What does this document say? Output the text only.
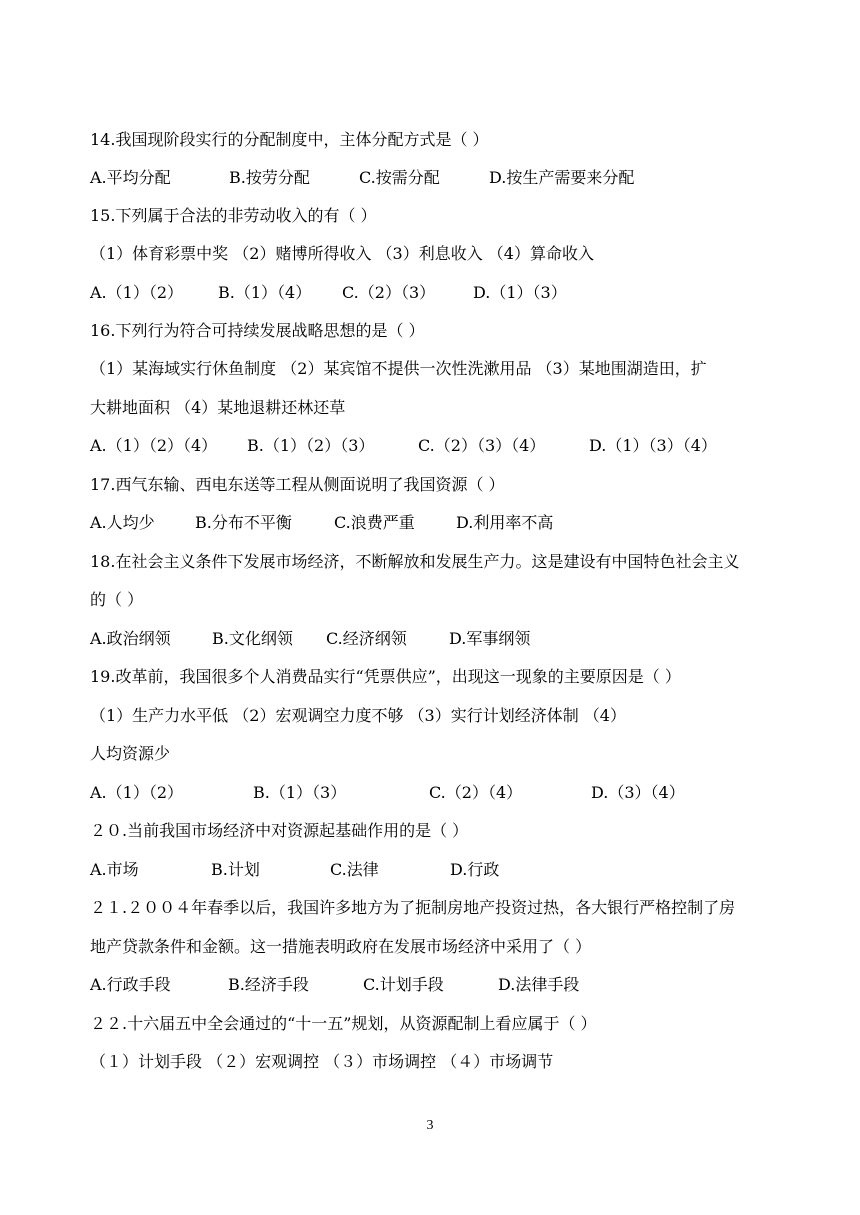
14.我国现阶段实行的分配制度中，主体分配方式是（ ）
A.平均分配	B.按劳分配	C.按需分配	D.按生产需要来分配
15.下列属于合法的非劳动收入的有（ ）
（1）体育彩票中奖 （2）赌博所得收入 （3）利息收入 （4）算命收入
A.（1）（2） B.（1）（4） C.（2）（3） D.（1）（3）
16.下列行为符合可持续发展战略思想的是（ ）
（1）某海域实行休鱼制度 （2）某宾馆不提供一次性洗漱用品 （3）某地围湖造田，扩
大耕地面积 （4）某地退耕还林还草
A.（1）（2）（4） B.（1）（2）（3）	C.（2）（3）（4）	D.（1）（3）（4）
17.西气东输、西电东送等工程从侧面说明了我国资源（ ）
A.人均少	B.分布不平衡	C.浪费严重	D.利用率不高
18.在社会主义条件下发展市场经济，不断解放和发展生产力。这是建设有中国特色社会主义
的（ ）
A.政治纲领	B.文化纲领 C.经济纲领	D.军事纲领
19.改革前，我国很多个人消费品实行“凭票供应”，出现这一现象的主要原因是（ ）
（1）生产力水平低 （2）宏观调空力度不够 （3）实行计划经济体制 （4）
人均资源少
A.（1）（2）	B.（1）（3）	C.（2）（4）	D.（3）（4）
２０.当前我国市场经济中对资源起基础作用的是（ ）
A.市场	B.计划	C.法律	D.行政
２１.２００４年春季以后，我国许多地方为了扼制房地产投资过热，各大银行严格控制了房
地产贷款条件和金额。这一措施表明政府在发展市场经济中采用了（ ）
A.行政手段	B.经济手段	C.计划手段	D.法律手段
２２.十六届五中全会通过的“十一五”规划，从资源配制上看应属于（ ）
（１）计划手段 （２）宏观调控 （３）市场调控 （４）市场调节
3
